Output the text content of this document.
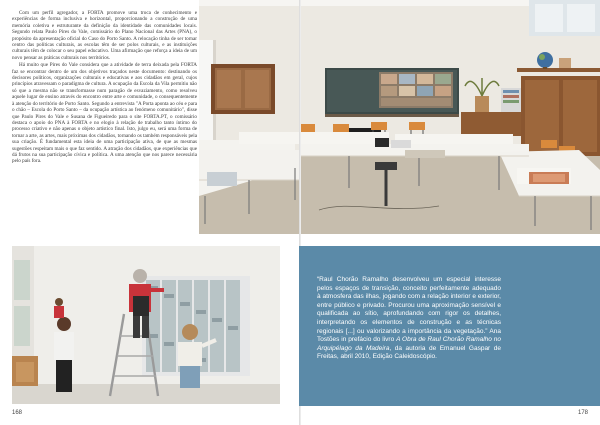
Com um perfil agregador, a FORTA promove uma troca de conhecimento e experiências de forma inclusiva e horizontal, proporcionando a construção de uma memória coletiva e estruturante da definição da identidade das comunidades locais. Segundo relata Paulo Pires do Vale, comissário do Plano Nacional das Artes (PNA), o propósito da apresentação oficial do Caso do Porto Santo. A relocação tinha de ser tornar centro das políticas culturais, as escolas têm de ser polos culturais, e as instituições culturais têm de colocar o seu papel educativo. Uma afirmação que reforça a ideia de um novo pensar as práticas culturais nos territórios.

Há muito que Pires do Vale considera que a atividade de terra deixada pela FORTA faz se encontrar dentro de um dos objetivos traçados neste documento: destinando os decisores políticos, organizações culturais e educativas e aos cidadãos em geral, cujos princípios atravessam o paradigma de cultura. A ocupação da Escola da Vila permitiu não só que a mesma não se transformasse num paragão de esvaziamento, como resolveu aquele lugar de ensino através do encontro entre arte e comunidade, o consequentemente à atenção do território de Porto Santo. Segundo a entrevista "A Porta aponta ao céu e para o chão – Escola do Porto Santo – da ocupação artística ao fenómeno comunitário", disse que Paulo Pires do Vale e Susana de Figueiredo para o site FORTA.PT, o comissário destaca o apoio do PNA à FORTA e no elogio à relação de trabalho tanto íntimo do processo criativo e não apenas o objeto artístico final. Isto, julgo eu, será uma forma de tornar a arte, as artes, mais próximas dos cidadãos, tornando os também responsáveis pela sua criação. É fundamental esta ideia de uma participação ativa, de que as mesmas sugestões respeitam mais o que faz sentido. A atração dos cidadãos, que experiências que dá frutos na sua participação cívica e política. A uma atenção que nos parece necessária pelo país fora.

168
“Raul Chorão Ramalho desenvolveu um especial interesse pelos espaços de transição, conceito perfeitamente adequado à atmosfera das ilhas, jogando com a relação interior e exterior, entre público e privado. Procurou uma aproximação sensível e qualificada ao sítio, aprofundando com rigor os detalhes, interpretando os elementos de construção e as técnicas regionais [...] ou valorizando a importância da vegetação.” Ana Tostões in prefácio do livro A Obra de Raul Chorão Ramalho no Arquipélago da Madeira, da autoria de Emanuel Gaspar de Freitas, abril 2010, Edição Caleidoscópio.
178
